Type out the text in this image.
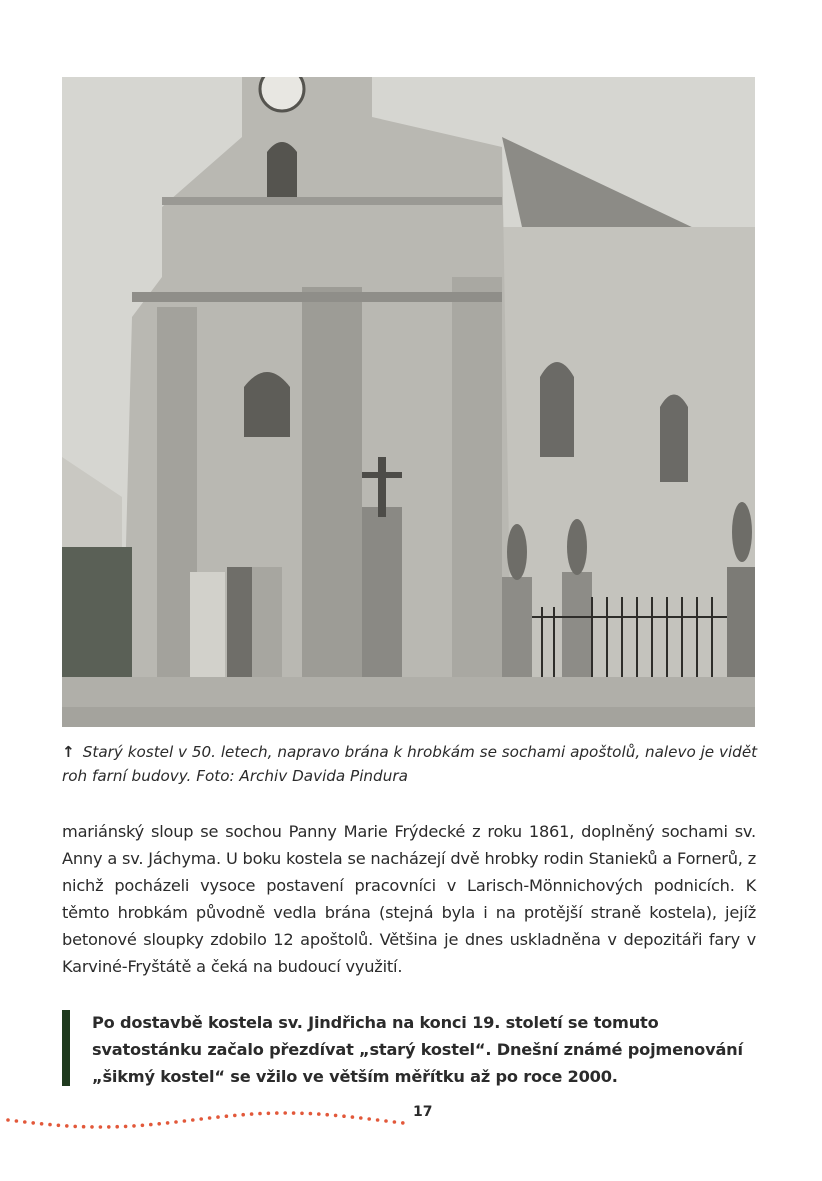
↑ Starý kostel v 50. letech, napravo brána k hrobkám se sochami apoštolů, nalevo je vidět roh farní budovy. Foto: Archiv Davida Pindura
mariánský sloup se sochou Panny Marie Frýdecké z roku 1861, doplněný sochami sv. Anny a sv. Jáchyma. U boku kostela se nacházejí dvě hrobky rodin Stanieků a Fornerů, z nichž pocházeli vysoce postavení pracovníci v Larisch-Mönnichových podnicích. K těmto hrobkám původně vedla brána (stejná byla i na protější straně kostela), jejíž betonové sloupky zdobilo 12 apoštolů. Většina je dnes uskladněna v depozitáři fary v Karviné-Fryštátě a čeká na budoucí využití.
Po dostavbě kostela sv. Jindřicha na konci 19. století se tomuto svatostánku začalo přezdívat „starý kostel“. Dnešní známé pojmenování „šikmý kostel“ se vžilo ve větším měřítku až po roce 2000.
17
